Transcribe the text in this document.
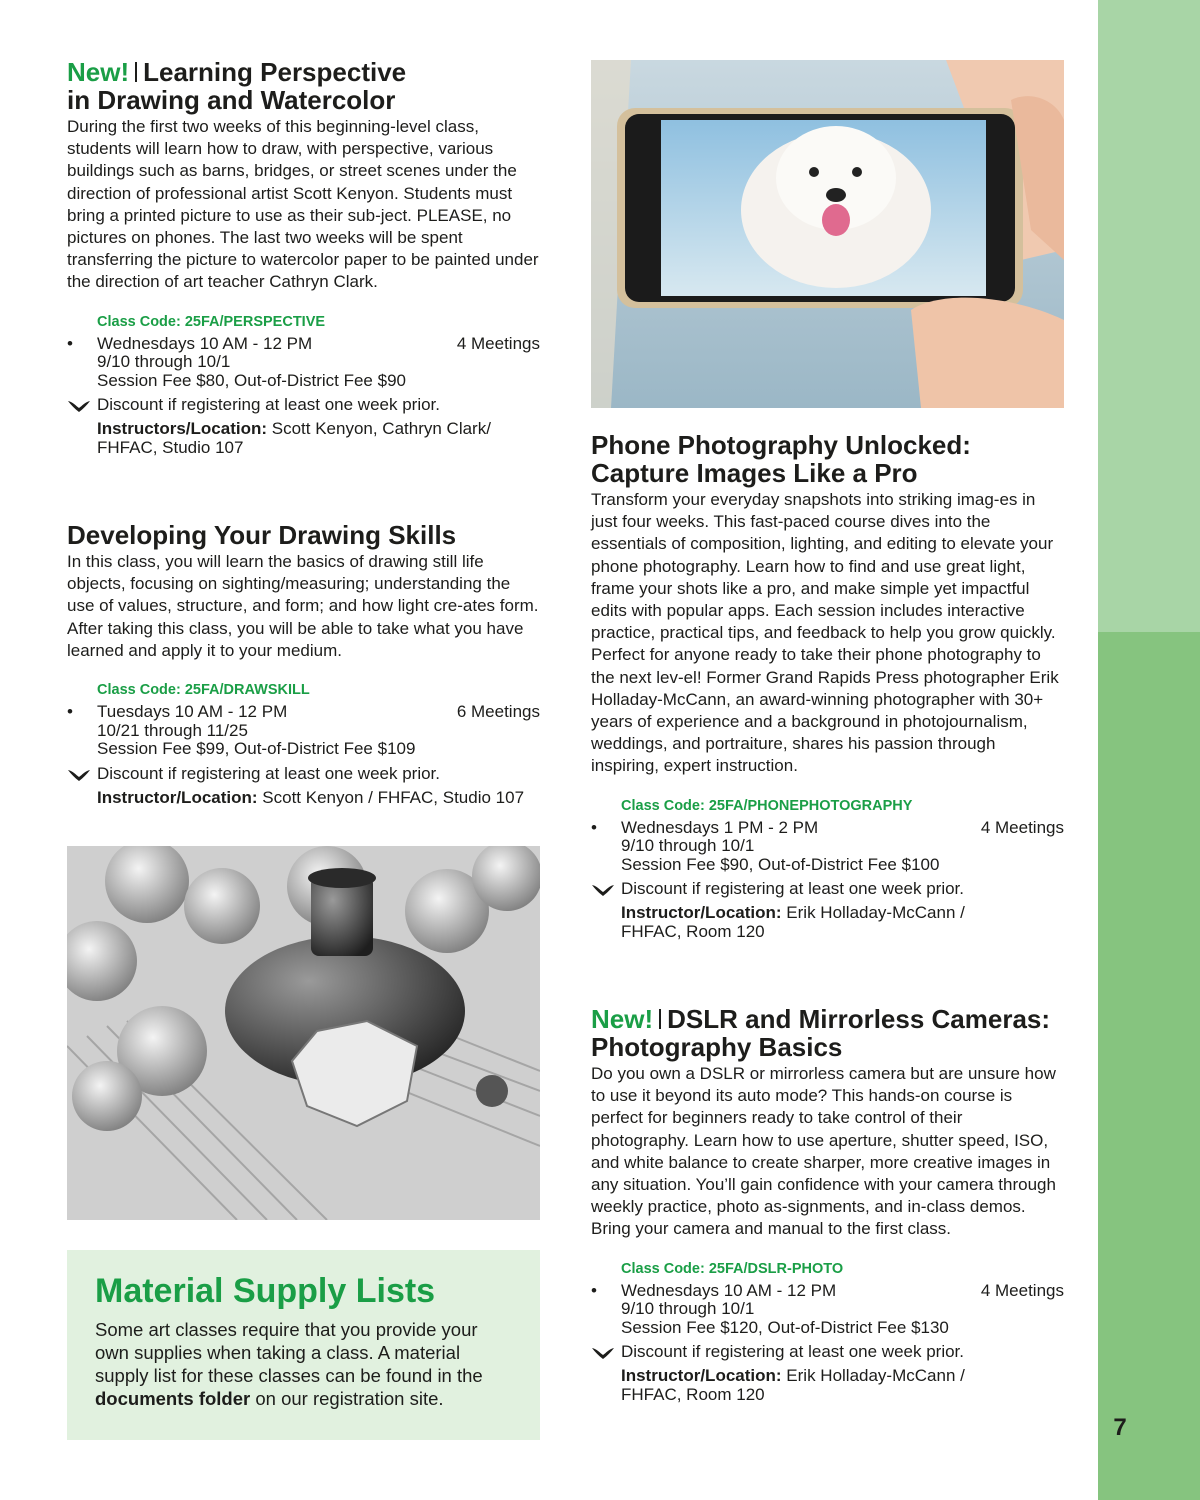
7
New! Learning Perspective
in Drawing and Watercolor

During the first two weeks of this beginning-level class, students will learn how to draw, with perspective, various buildings such as barns, bridges, or street scenes under the direction of professional artist Scott Kenyon. Students must bring a printed picture to use as their sub-ject. PLEASE, no pictures on phones. The last two weeks will be spent transferring the picture to watercolor paper to be painted under the direction of art teacher Cathryn Clark.

Class Code: 25FA/PERSPECTIVE
• Wednesdays 10 AM - 12 PM	4 Meetings

9/10 through 10/1
Session Fee $80, Out-of-District Fee $90
Discount if registering at least one week prior.
Instructors/Location: Scott Kenyon, Cathryn Clark/
FHFAC, Studio 107
Developing Your Drawing Skills

In this class, you will learn the basics of drawing still life objects, focusing on sighting/measuring; understanding the use of values, structure, and form; and how light cre-ates form. After taking this class, you will be able to take what you have learned and apply it to your medium.

Class Code: 25FA/DRAWSKILL
• Tuesdays 10 AM - 12 PM	6 Meetings

10/21 through 11/25
Session Fee $99, Out-of-District Fee $109
Discount if registering at least one week prior.
Instructor/Location: Scott Kenyon / FHFAC, Studio 107
Material Supply Lists

Some art classes require that you provide your own supplies when taking a class. A material supply list for these classes can be found in the documents folder on our registration site.

Phone Photography Unlocked:
Capture Images Like a Pro

Transform your everyday snapshots into striking imag-es in just four weeks. This fast-paced course dives into the essentials of composition, lighting, and editing to elevate your phone photography. Learn how to find and use great light, frame your shots like a pro, and make simple yet impactful edits with popular apps. Each session includes interactive practice, practical tips, and feedback to help you grow quickly. Perfect for anyone ready to take their phone photography to the next lev-el! Former Grand Rapids Press photographer Erik Holladay-McCann, an award-winning photographer with 30+ years of experience and a background in photojournalism, weddings, and portraiture, shares his passion through inspiring, expert instruction.

Class Code: 25FA/PHONEPHOTOGRAPHY
• Wednesdays 1 PM - 2 PM	4 Meetings

9/10 through 10/1
Session Fee $90, Out-of-District Fee $100
Discount if registering at least one week prior.
Instructor/Location: Erik Holladay-McCann /
FHFAC, Room 120
New! DSLR and Mirrorless Cameras:
Photography Basics

Do you own a DSLR or mirrorless camera but are unsure how to use it beyond its auto mode? This hands-on course is perfect for beginners ready to take control of their photography. Learn how to use aperture, shutter speed, ISO, and white balance to create sharper, more creative images in any situation. You’ll gain confidence with your camera through weekly practice, photo as-signments, and in-class demos. Bring your camera and manual to the first class.

Class Code: 25FA/DSLR-PHOTO
• Wednesdays 10 AM - 12 PM	4 Meetings

9/10 through 10/1
Session Fee $120, Out-of-District Fee $130
Discount if registering at least one week prior.
Instructor/Location: Erik Holladay-McCann /
FHFAC, Room 120
